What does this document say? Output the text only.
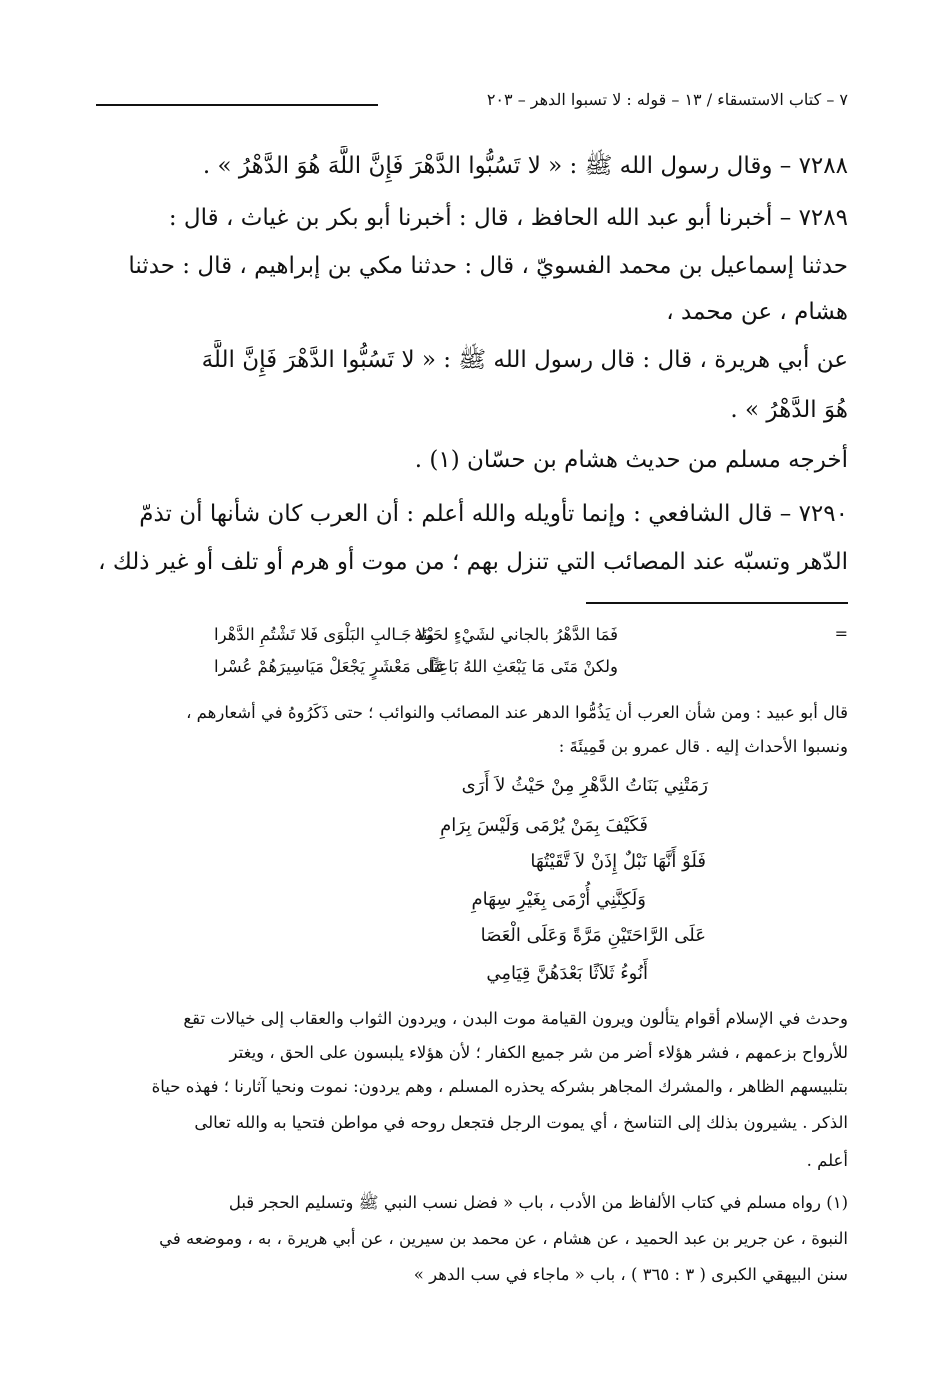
٧ – كتاب الاستسقاء / ١٣ – قوله : لا تسبوا الدهر – ٢٠٣
٧٢٨٨ – وقال رسول الله ﷺ : « لا تَسُبُّوا الدَّهْرَ فَإِنَّ اللَّهَ هُوَ الدَّهْرُ » .
٧٢٨٩ – أخبرنا أبو عبد الله الحافظ ، قال : أخبرنا أبو بكر بن غياث ، قال :
حدثنا إسماعيل بن محمد الفسويّ ، قال : حدثنا مكي بن إبراهيم ، قال : حدثنا
هشام ، عن محمد ،
عن أبي هريرة ، قال : قال رسول الله ﷺ : « لا تَسُبُّوا الدَّهْرَ فَإِنَّ اللَّهَ
هُوَ الدَّهْرُ » .
أخرجه مسلم من حديث هشام بن حسّان (١) .
٧٢٩٠ – قال الشافعي : وإنما تأويله والله أعلم : أن العرب كان شأنها أن تذمّ
الدّهر وتسبّه عند المصائب التي تنزل بهم ؛ من موت أو هرم أو تلف أو غير ذلك ،
=
فَمَا الدَّهْرُ بالجاني لشَيْءٍ لحَيْنَة
ولا جَـالبِ البَلْوَى فَلا تَشْتُمِ الدَّهْرا
ولكنْ مَتَى مَا يَبْعَثِ اللهُ بَاعِثًا
عَلَى مَعْشَرٍ يَجْعَلْ مَيَاسِيرَهُمْ عُسْرا
قال أبو عبيد : ومن شأن العرب أن يَذُمُّوا الدهر عند المصائب والنوائب ؛ حتى ذَكَرُوهُ في أشعارهم ،
ونسبوا الأحداث إليه . قال عمرو بن قَمِيئَةَ :
رَمَتْنِي بَنَاتُ الدَّهْرِ مِنْ حَيْثُ لاَ أَرَى
فَكَيْفَ بِمَنْ يُرْمَى وَلَيْسَ بِرَامِ
فَلَوْ أَنَّهَا نَبْلٌ إِذَنْ لاَ تَّقَيْتُهَا
وَلَكِنَّنِي أُرْمَى بِغَيْرِ سِهَامِ
عَلَى الرَّاحَتَيْنِ مَرَّةً وَعَلَى الْعَصَا
أَنُوءُ ثَلاَثًا بَعْدَهُنَّ قِيَامِي
وحدث في الإسلام أقوام يتألون ويرون القيامة موت البدن ، ويردون الثواب والعقاب إلى خيالات تقع
للأرواح بزعمهم ، فشر هؤلاء أضر من شر جميع الكفار ؛ لأن هؤلاء يلبسون على الحق ، ويغتر
بتلبيسهم الظاهر ، والمشرك المجاهر بشركه يحذره المسلم ، وهم يردون: نموت ونحيا آثارنا ؛ فهذه حياة
الذكر . يشيرون بذلك إلى التناسخ ، أي يموت الرجل فتجعل روحه في مواطن فتحيا به والله تعالى
أعلم .
(١) رواه مسلم في كتاب الألفاظ من الأدب ، باب « فضل نسب النبي ﷺ وتسليم الحجر قبل
النبوة ، عن جرير بن عبد الحميد ، عن هشام ، عن محمد بن سيرين ، عن أبي هريرة ، به ، وموضعه في
سنن البيهقي الكبرى ( ٣ : ٣٦٥ ) ، باب « ماجاء في سب الدهر »
